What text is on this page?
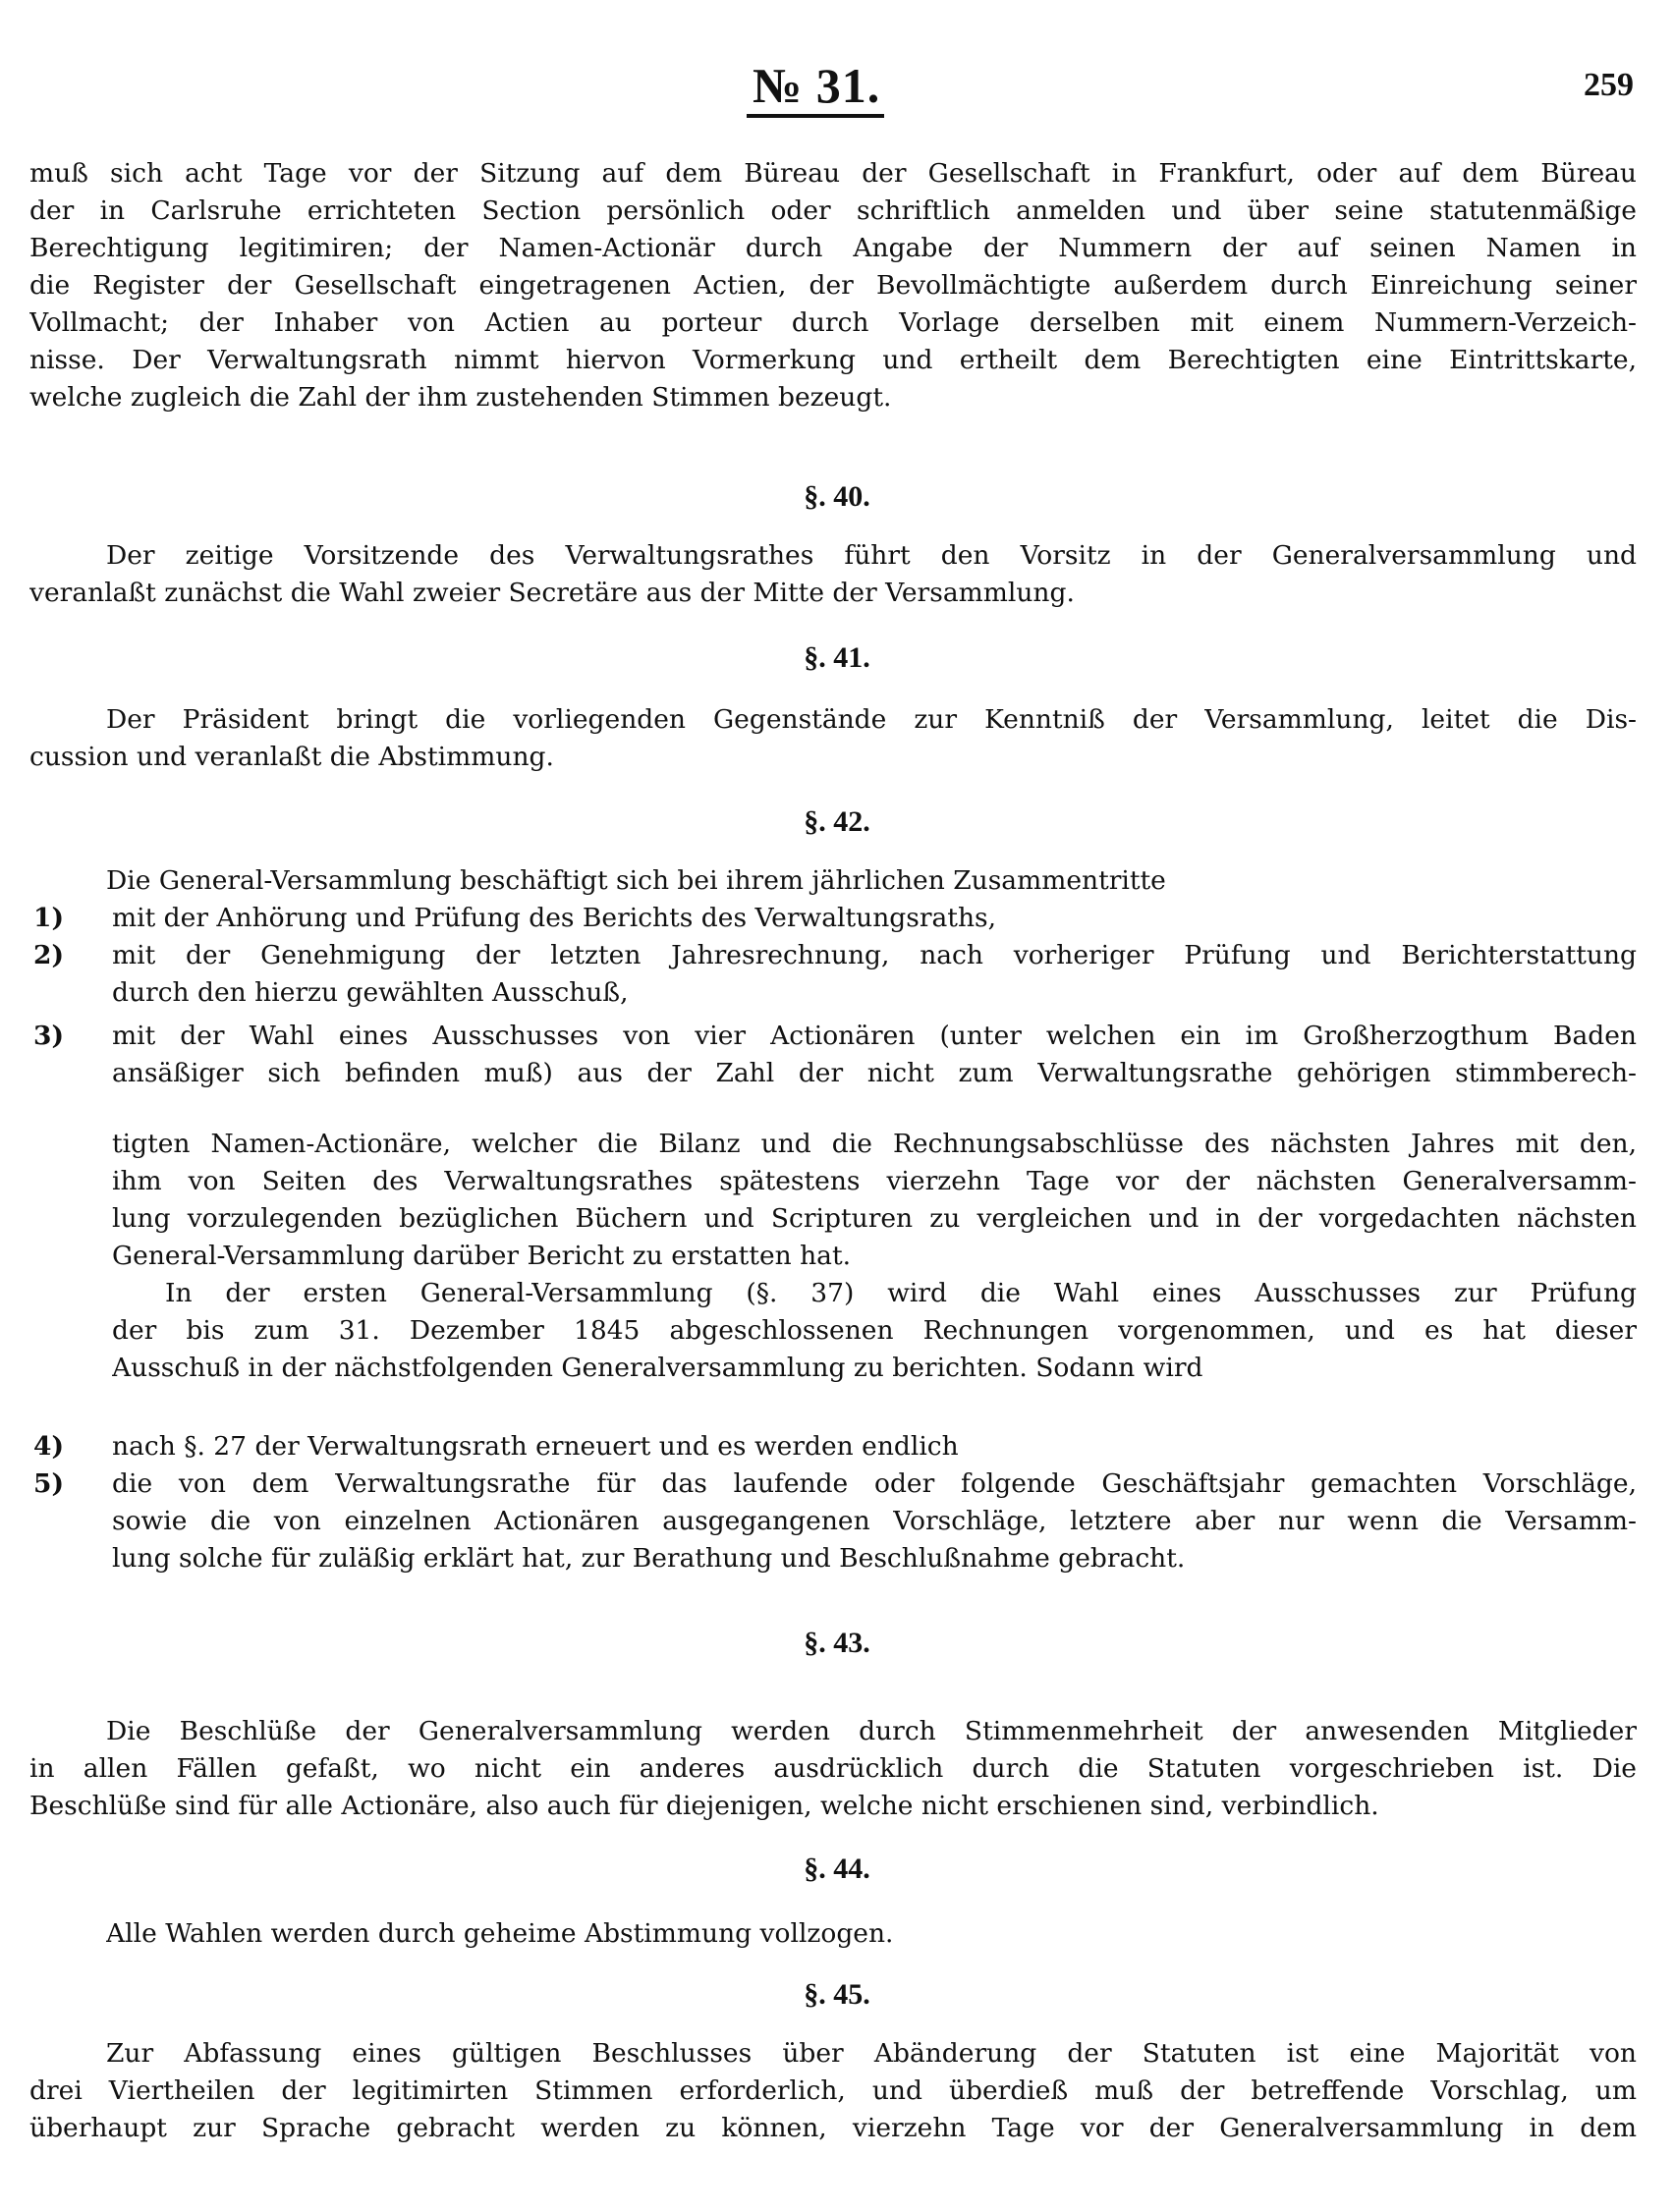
№ 31.	259
muß sich acht Tage vor der Sitzung auf dem Büreau der Gesellschaft in Frankfurt, oder auf dem Büreau
der in Carlsruhe errichteten Section persönlich oder schriftlich anmelden und über seine statutenmäßige
Berechtigung legitimiren; der Namen-Actionär durch Angabe der Nummern der auf seinen Namen in
die Register der Gesellschaft eingetragenen Actien, der Bevollmächtigte außerdem durch Einreichung seiner
Vollmacht; der Inhaber von Actien au porteur durch Vorlage derselben mit einem Nummern-Verzeich-
nisse. Der Verwaltungsrath nimmt hiervon Vormerkung und ertheilt dem Berechtigten eine Eintrittskarte,
welche zugleich die Zahl der ihm zustehenden Stimmen bezeugt.
§. 40.
Der zeitige Vorsitzende des Verwaltungsrathes führt den Vorsitz in der Generalversammlung und
veranlaßt zunächst die Wahl zweier Secretäre aus der Mitte der Versammlung.
§. 41.
Der Präsident bringt die vorliegenden Gegenstände zur Kenntniß der Versammlung, leitet die Dis-
cussion und veranlaßt die Abstimmung.
§. 42.
Die General-Versammlung beschäftigt sich bei ihrem jährlichen Zusammentritte
1)	mit der Anhörung und Prüfung des Berichts des Verwaltungsraths,
2)	mit der Genehmigung der letzten Jahresrechnung, nach vorheriger Prüfung und Berichterstattung
durch den hierzu gewählten Ausschuß,
3)	mit der Wahl eines Ausschusses von vier Actionären (unter welchen ein im Großherzogthum Baden
ansäßiger sich befinden muß) aus der Zahl der nicht zum Verwaltungsrathe gehörigen stimmberech-
tigten Namen-Actionäre, welcher die Bilanz und die Rechnungsabschlüsse des nächsten Jahres mit den,
ihm von Seiten des Verwaltungsrathes spätestens vierzehn Tage vor der nächsten Generalversamm-
lung vorzulegenden bezüglichen Büchern und Scripturen zu vergleichen und in der vorgedachten nächsten
General-Versammlung darüber Bericht zu erstatten hat.
In der ersten General-Versammlung (§. 37) wird die Wahl eines Ausschusses zur Prüfung
der bis zum 31. Dezember 1845 abgeschlossenen Rechnungen vorgenommen, und es hat dieser
Ausschuß in der nächstfolgenden Generalversammlung zu berichten. Sodann wird
4)	nach §. 27 der Verwaltungsrath erneuert und es werden endlich
5)	die von dem Verwaltungsrathe für das laufende oder folgende Geschäftsjahr gemachten Vorschläge,
sowie die von einzelnen Actionären ausgegangenen Vorschläge, letztere aber nur wenn die Versamm-
lung solche für zuläßig erklärt hat, zur Berathung und Beschlußnahme gebracht.
§. 43.
Die Beschlüße der Generalversammlung werden durch Stimmenmehrheit der anwesenden Mitglieder
in allen Fällen gefaßt, wo nicht ein anderes ausdrücklich durch die Statuten vorgeschrieben ist. Die
Beschlüße sind für alle Actionäre, also auch für diejenigen, welche nicht erschienen sind, verbindlich.
§. 44.
Alle Wahlen werden durch geheime Abstimmung vollzogen.
§. 45.
Zur Abfassung eines gültigen Beschlusses über Abänderung der Statuten ist eine Majorität von
drei Viertheilen der legitimirten Stimmen erforderlich, und überdieß muß der betreffende Vorschlag, um
überhaupt zur Sprache gebracht werden zu können, vierzehn Tage vor der Generalversammlung in dem
